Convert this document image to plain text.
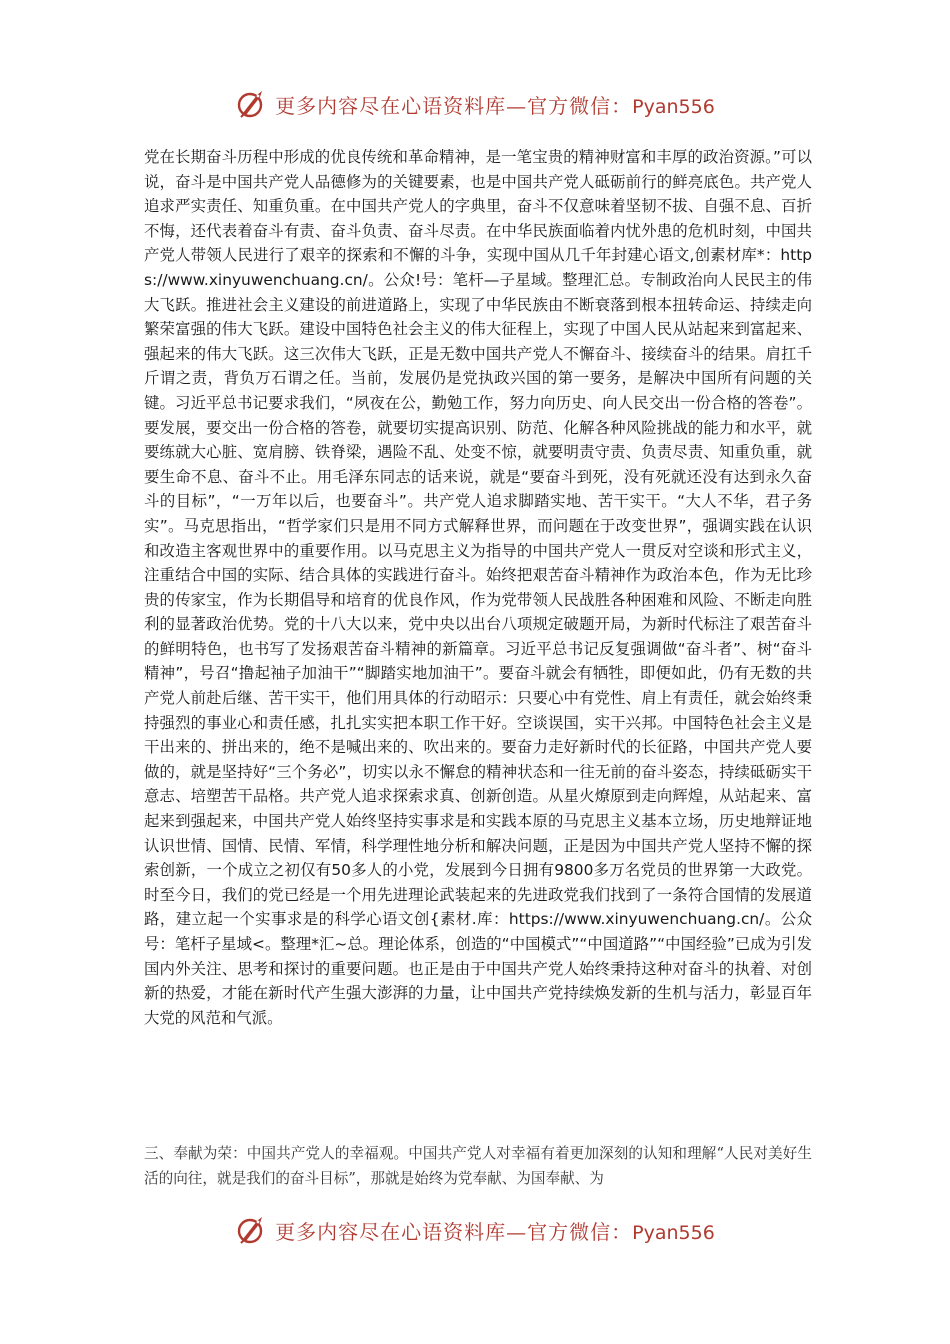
更多内容尽在心语资料库—官方微信：Pyan556

党在长期奋斗历程中形成的优良传统和革命精神，是一笔宝贵的精神财富和丰厚的政治资源。”可以说，奋斗是中国共产党人品德修为的关键要素，也是中国共产党人砥砺前行的鲜亮底色。共产党人追求严实责任、知重负重。在中国共产党人的字典里，奋斗不仅意味着坚韧不拔、自强不息、百折不悔，还代表着奋斗有责、奋斗负责、奋斗尽责。在中华民族面临着内忧外患的危机时刻，中国共产党人带领人民进行了艰辛的探索和不懈的斗争，实现中国从几千年封建心语文,创素材库*：https://www.xinyuwenchuang.cn/。公众!号：笔杆—子星域。整理汇总。专制政治向人民民主的伟大飞跃。推进社会主义建设的前进道路上，实现了中华民族由不断衰落到根本扭转命运、持续走向繁荣富强的伟大飞跃。建设中国特色社会主义的伟大征程上，实现了中国人民从站起来到富起来、强起来的伟大飞跃。这三次伟大飞跃，正是无数中国共产党人不懈奋斗、接续奋斗的结果。肩扛千斤谓之责，背负万石谓之任。当前，发展仍是党执政兴国的第一要务，是解决中国所有问题的关键。习近平总书记要求我们，“夙夜在公，勤勉工作，努力向历史、向人民交出一份合格的答卷”。要发展，要交出一份合格的答卷，就要切实提高识别、防范、化解各种风险挑战的能力和水平，就要练就大心脏、宽肩膀、铁脊梁，遇险不乱、处变不惊，就要明责守责、负责尽责、知重负重，就要生命不息、奋斗不止。用毛泽东同志的话来说，就是“要奋斗到死，没有死就还没有达到永久奋斗的目标”，“一万年以后，也要奋斗”。共产党人追求脚踏实地、苦干实干。“大人不华，君子务实”。马克思指出，“哲学家们只是用不同方式解释世界，而问题在于改变世界”，强调实践在认识和改造主客观世界中的重要作用。以马克思主义为指导的中国共产党人一贯反对空谈和形式主义，注重结合中国的实际、结合具体的实践进行奋斗。始终把艰苦奋斗精神作为政治本色，作为无比珍贵的传家宝，作为长期倡导和培育的优良作风，作为党带领人民战胜各种困难和风险、不断走向胜利的显著政治优势。党的十八大以来，党中央以出台八项规定破题开局，为新时代标注了艰苦奋斗的鲜明特色，也书写了发扬艰苦奋斗精神的新篇章。习近平总书记反复强调做“奋斗者”、树“奋斗精神”，号召“撸起袖子加油干”“脚踏实地加油干”。要奋斗就会有牺牲，即便如此，仍有无数的共产党人前赴后继、苦干实干，他们用具体的行动昭示：只要心中有党性、肩上有责任，就会始终秉持强烈的事业心和责任感，扎扎实实把本职工作干好。空谈误国，实干兴邦。中国特色社会主义是干出来的、拼出来的，绝不是喊出来的、吹出来的。要奋力走好新时代的长征路，中国共产党人要做的，就是坚持好“三个务必”，切实以永不懈怠的精神状态和一往无前的奋斗姿态，持续砥砺实干意志、培塑苦干品格。共产党人追求探索求真、创新创造。从星火燎原到走向辉煌，从站起来、富起来到强起来，中国共产党人始终坚持实事求是和实践本原的马克思主义基本立场，历史地辩证地认识世情、国情、民情、军情，科学理性地分析和解决问题，正是因为中国共产党人坚持不懈的探索创新，一个成立之初仅有50多人的小党，发展到今日拥有9800多万名党员的世界第一大政党。时至今日，我们的党已经是一个用先进理论武装起来的先进政党我们找到了一条符合国情的发展道路，建立起一个实事求是的科学心语文创{素材.库：https://www.xinyuwenchuang.cn/。公众号：笔杆子星域<。整理*汇~总。理论体系，创造的“中国模式”“中国道路”“中国经验”已成为引发国内外关注、思考和探讨的重要问题。也正是由于中国共产党人始终秉持这种对奋斗的执着、对创新的热爱，才能在新时代产生强大澎湃的力量，让中国共产党持续焕发新的生机与活力，彰显百年大党的风范和气派。

三、奉献为荣：中国共产党人的幸福观。中国共产党人对幸福有着更加深刻的认知和理解“人民对美好生活的向往，就是我们的奋斗目标”，那就是始终为党奉献、为国奉献、为

更多内容尽在心语资料库—官方微信：Pyan556
